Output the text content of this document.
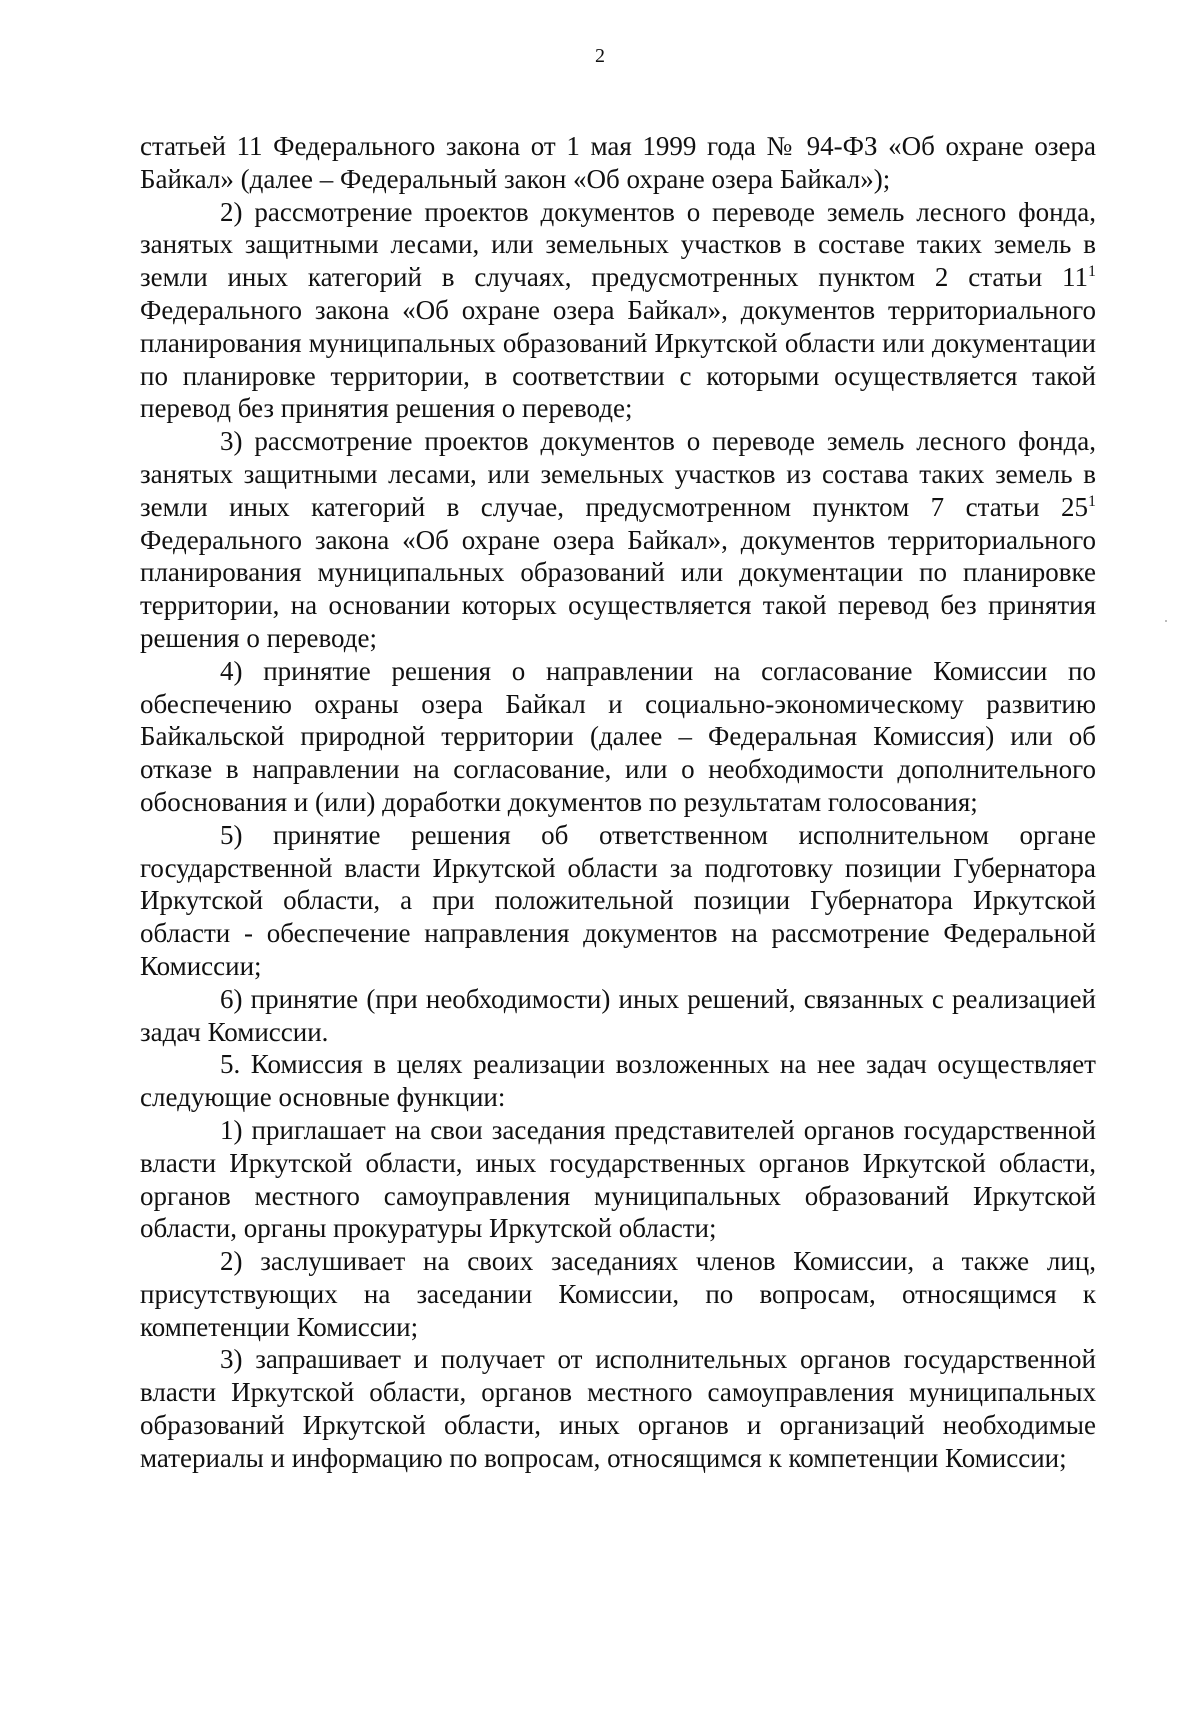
2

статьей 11 Федерального закона от 1 мая 1999 года № 94-ФЗ «Об охране озера Байкал» (далее – Федеральный закон «Об охране озера Байкал»);

2) рассмотрение проектов документов о переводе земель лесного фонда, занятых защитными лесами, или земельных участков в составе таких земель в земли иных категорий в случаях, предусмотренных пунктом 2 статьи $11^1$ Федерального закона «Об охране озера Байкал», документов территориального планирования муниципальных образований Иркутской области или документации по планировке территории, в соответствии с которыми осуществляется такой перевод без принятия решения о переводе;

3) рассмотрение проектов документов о переводе земель лесного фонда, занятых защитными лесами, или земельных участков из состава таких земель в земли иных категорий в случае, предусмотренном пунктом 7 статьи $25^1$ Федерального закона «Об охране озера Байкал», документов территориального планирования муниципальных образований или документации по планировке территории, на основании которых осуществляется такой перевод без принятия решения о переводе;

4) принятие решения о направлении на согласование Комиссии по обеспечению охраны озера Байкал и социально-экономическому развитию Байкальской природной территории (далее – Федеральная Комиссия) или об отказе в направлении на согласование, или о необходимости дополнительного обоснования и (или) доработки документов по результатам голосования;

5) принятие решения об ответственном исполнительном органе государственной власти Иркутской области за подготовку позиции Губернатора Иркутской области, а при положительной позиции Губернатора Иркутской области - обеспечение направления документов на рассмотрение Федеральной Комиссии;

6) принятие (при необходимости) иных решений, связанных с реализацией задач Комиссии.

5. Комиссия в целях реализации возложенных на нее задач осуществляет следующие основные функции:

1) приглашает на свои заседания представителей органов государственной власти Иркутской области, иных государственных органов Иркутской области, органов местного самоуправления муниципальных образований Иркутской области, органы прокуратуры Иркутской области;

2) заслушивает на своих заседаниях членов Комиссии, а также лиц, присутствующих на заседании Комиссии, по вопросам, относящимся к компетенции Комиссии;

3) запрашивает и получает от исполнительных органов государственной власти Иркутской области, органов местного самоуправления муниципальных образований Иркутской области, иных органов и организаций необходимые материалы и информацию по вопросам, относящимся к компетенции Комиссии;
